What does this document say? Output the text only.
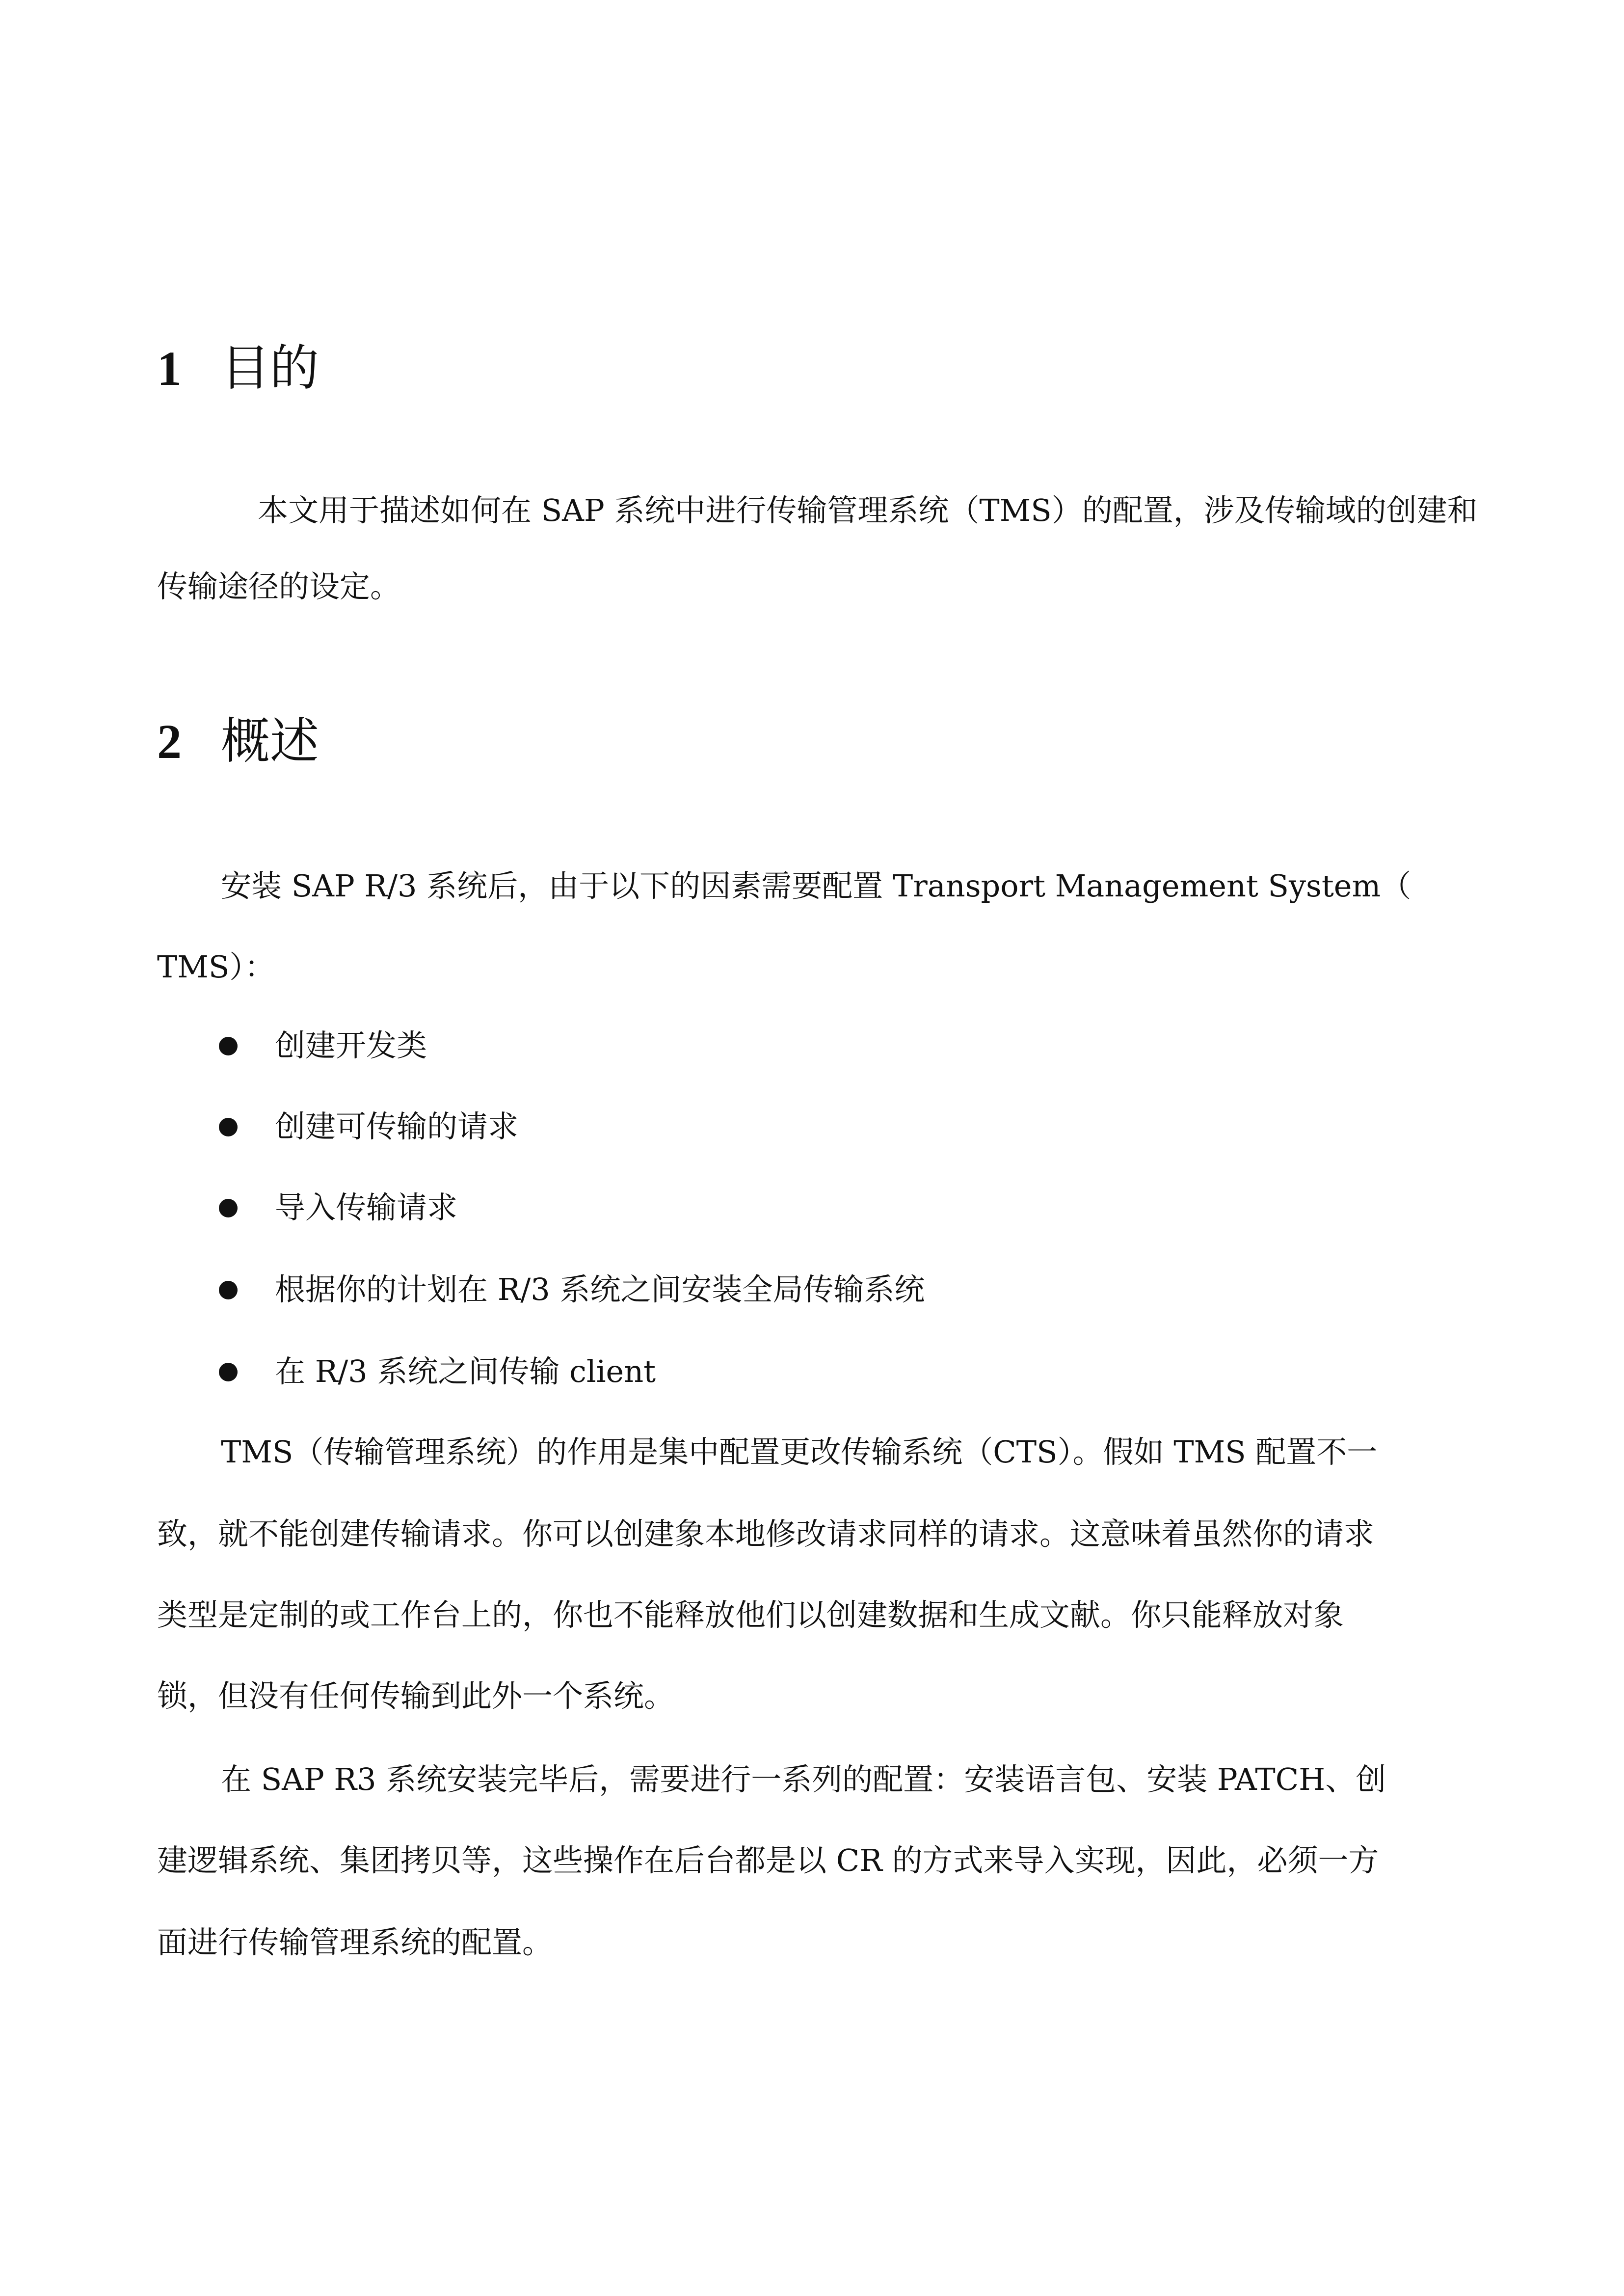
1 目的
本文用于描述如何在 SAP 系统中进行传输管理系统（TMS）的配置，涉及传输域的创建和
传输途径的设定。
2 概述
安装 SAP R/3 系统后，由于以下的因素需要配置 Transport Management System（
TMS）：
创建开发类
创建可传输的请求
导入传输请求
根据你的计划在 R/3 系统之间安装全局传输系统
在 R/3 系统之间传输 client
TMS（传输管理系统）的作用是集中配置更改传输系统（CTS）。假如 TMS 配置不一
致，就不能创建传输请求。你可以创建象本地修改请求同样的请求。这意味着虽然你的请求
类型是定制的或工作台上的，你也不能释放他们以创建数据和生成文献。你只能释放对象
锁，但没有任何传输到此外一个系统。
在 SAP R3 系统安装完毕后，需要进行一系列的配置：安装语言包、安装 PATCH、创
建逻辑系统、集团拷贝等，这些操作在后台都是以 CR 的方式来导入实现，因此，必须一方
面进行传输管理系统的配置。
